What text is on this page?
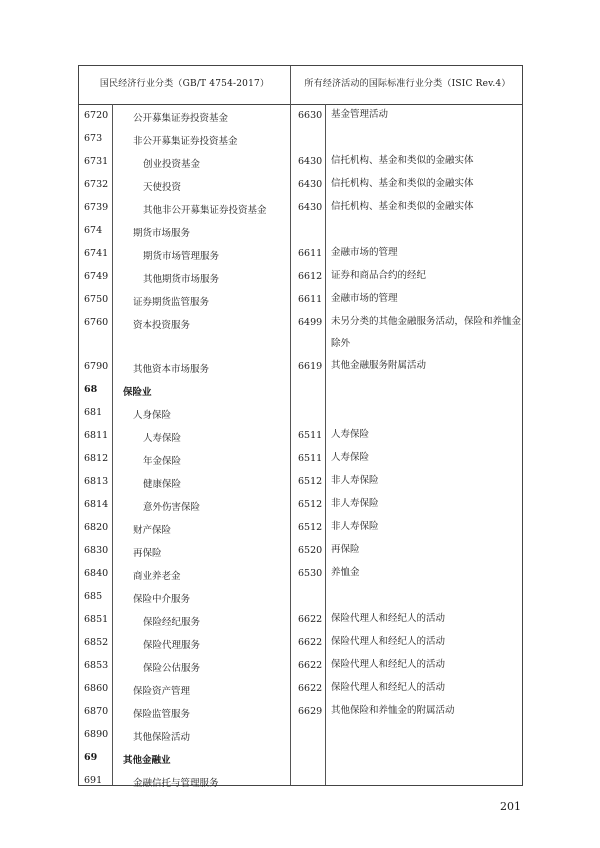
国民经济行业分类（GB/T 4754-2017）	所有经济活动的国际标准行业分类（ISIC Rev.4）
6720	公开募集证券投资基金	6630 基金管理活动
673	非公开募集证券投资基金
6731	创业投资基金	6430 信托机构、基金和类似的金融实体
6732	天使投资	6430 信托机构、基金和类似的金融实体
6739	其他非公开募集证券投资基金	6430 信托机构、基金和类似的金融实体
674	期货市场服务
6741	期货市场管理服务	6611 金融市场的管理
6749	其他期货市场服务	6612 证券和商品合约的经纪
6750	证券期货监管服务	6611 金融市场的管理
6760	资本投资服务	6499 未另分类的其他金融服务活动，保险和养恤金除外
6790	其他资本市场服务	6619 其他金融服务附属活动
68	保险业
681	人身保险
6811	人寿保险	6511 人寿保险
6812	年金保险	6511 人寿保险
6813	健康保险	6512 非人寿保险
6814	意外伤害保险	6512 非人寿保险
6820	财产保险	6512 非人寿保险
6830	再保险	6520 再保险
6840	商业养老金	6530 养恤金
685	保险中介服务
6851	保险经纪服务	6622 保险代理人和经纪人的活动
6852	保险代理服务	6622 保险代理人和经纪人的活动
6853	保险公估服务	6622 保险代理人和经纪人的活动
6860	保险资产管理	6622 保险代理人和经纪人的活动
6870	保险监管服务	6629 其他保险和养恤金的附属活动
6890	其他保险活动
69	其他金融业
691	金融信托与管理服务
201
